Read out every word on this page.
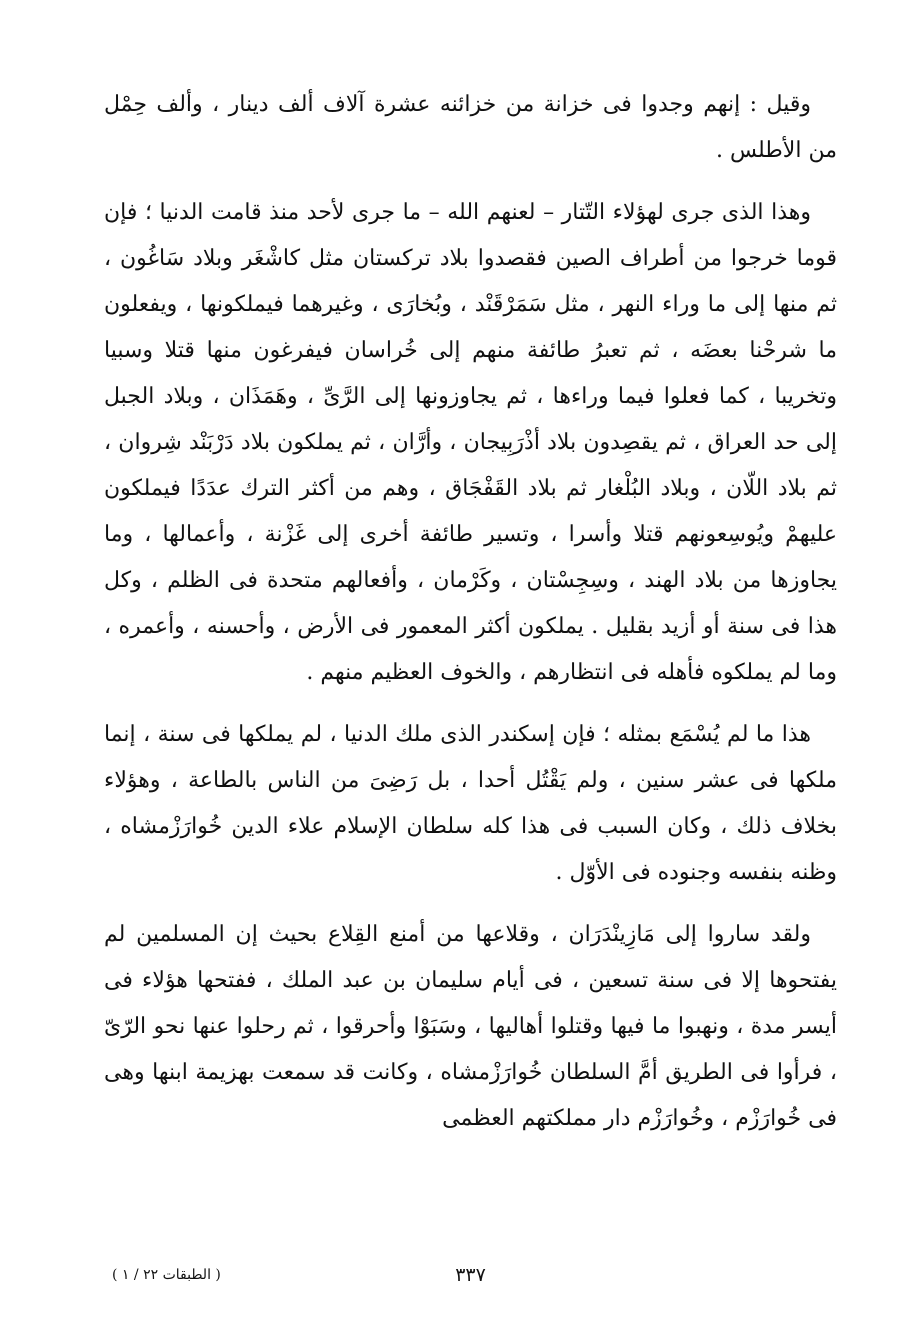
وقيل : إنهم وجدوا فى خزانة من خزائنه عشرة آلاف ألف دينار ، وألف حِمْل من الأطلس .

وهذا الذى جرى لهؤلاء التّتار – لعنهم الله – ما جرى لأحد منذ قامت الدنيا ؛ فإن قوما خرجوا من أطراف الصين فقصدوا بلاد تركستان مثل كاشْغَر وبلاد سَاغُون ، ثم منها إلى ما وراء النهر ، مثل سَمَرْقَنْد ، وبُخارَى ، وغيرهما فيملكونها ، ويفعلون ما شرحْنا بعضَه ، ثم تعبرُ طائفة منهم إلى خُراسان فيفرغون منها قتلا وسبيا وتخريبا ، كما فعلوا فيما وراءها ، ثم يجاوزونها إلى الرَّىِّ ، وهَمَذَان ، وبلاد الجبل إلى حد العراق ، ثم يقصِدون بلاد أذْرَبِيجان ، وأرَّان ، ثم يملكون بلاد دَرْبَنْد شِروان ، ثم بلاد اللّان ، وبلاد البُلْغار ثم بلاد القَفْجَاق ، وهم من أكثر الترك عدَدًا فيملكون عليهمْ ويُوسِعونهم قتلا وأسرا ، وتسير طائفة أخرى إلى غَزْنة ، وأعمالها ، وما يجاوزها من بلاد الهند ، وسِجِسْتان ، وكَرْمان ، وأفعالهم متحدة فى الظلم ، وكل هذا فى سنة أو أزيد بقليل . يملكون أكثر المعمور فى الأرض ، وأحسنه ، وأعمره ، وما لم يملكوه فأهله فى انتظارهم ، والخوف العظيم منهم .

هذا ما لم يُسْمَع بمثله ؛ فإن إسكندر الذى ملك الدنيا ، لم يملكها فى سنة ، إنما ملكها فى عشر سنين ، ولم يَقْتُل أحدا ، بل رَضِىَ من الناس بالطاعة ، وهؤلاء بخلاف ذلك ، وكان السبب فى هذا كله سلطان الإسلام علاء الدين خُوارَزْمشاه ، وظنه بنفسه وجنوده فى الأوّل .

ولقد ساروا إلى مَازِينْدَرَان ، وقلاعها من أمنع القِلاع بحيث إن المسلمين لم يفتحوها إلا فى سنة تسعين ، فى أيام سليمان بن عبد الملك ، ففتحها هؤلاء فى أيسر مدة ، ونهبوا ما فيها وقتلوا أهاليها ، وسَبَوْا وأحرقوا ، ثم رحلوا عنها نحو الرّىّ ، فرأوا فى الطريق أمَّ السلطان خُوارَزْمشاه ، وكانت قد سمعت بهزيمة ابنها وهى فى خُوارَزْم ، وخُوارَزْم دار مملكتهم العظمى

٣٣٧
( الطبقات ٢٢ / ١ )
